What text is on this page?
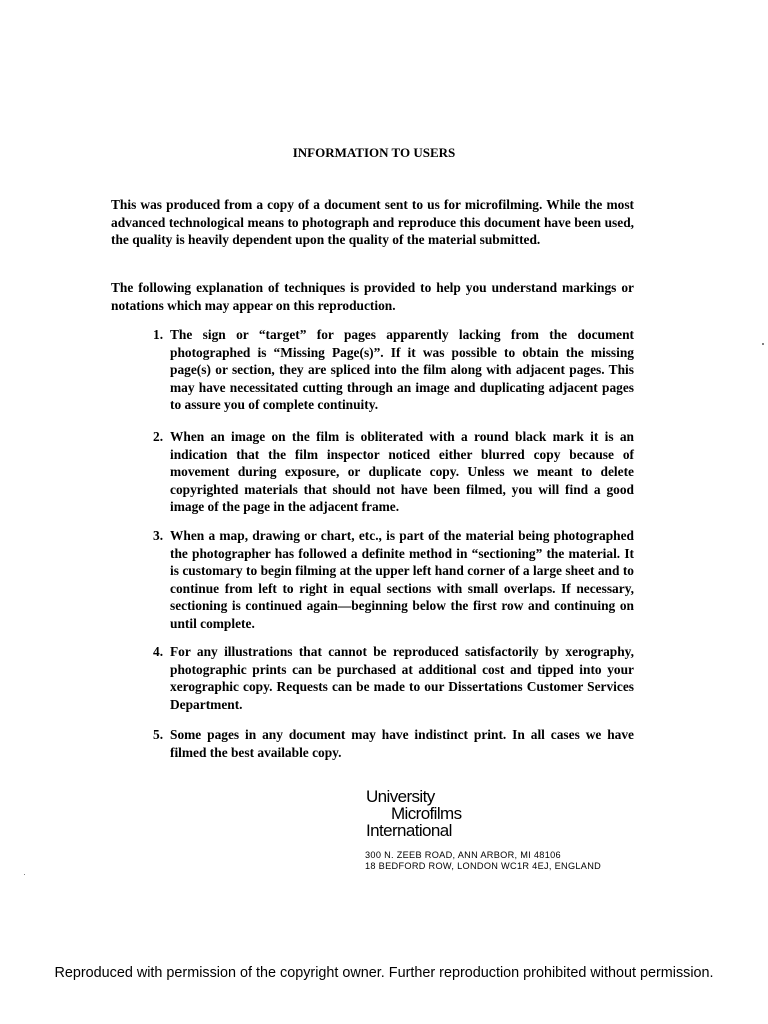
INFORMATION TO USERS
This was produced from a copy of a document sent to us for microfilming. While the most advanced technological means to photograph and reproduce this document have been used, the quality is heavily dependent upon the quality of the material submitted.
The following explanation of techniques is provided to help you understand markings or notations which may appear on this reproduction.
1. The sign or “target” for pages apparently lacking from the document photographed is “Missing Page(s)”. If it was possible to obtain the missing page(s) or section, they are spliced into the film along with adjacent pages. This may have necessitated cutting through an image and duplicating adjacent pages to assure you of complete continuity.
2. When an image on the film is obliterated with a round black mark it is an indication that the film inspector noticed either blurred copy because of movement during exposure, or duplicate copy. Unless we meant to delete copyrighted materials that should not have been filmed, you will find a good image of the page in the adjacent frame.
3. When a map, drawing or chart, etc., is part of the material being photographed the photographer has followed a definite method in “sectioning” the material. It is customary to begin filming at the upper left hand corner of a large sheet and to continue from left to right in equal sections with small overlaps. If necessary, sectioning is continued again—beginning below the first row and continuing on until complete.
4. For any illustrations that cannot be reproduced satisfactorily by xerography, photographic prints can be purchased at additional cost and tipped into your xerographic copy. Requests can be made to our Dissertations Customer Services Department.
5. Some pages in any document may have indistinct print. In all cases we have filmed the best available copy.
University
Microfilms
International
300 N. ZEEB ROAD, ANN ARBOR, MI 48106
18 BEDFORD ROW, LONDON WC1R 4EJ, ENGLAND
Reproduced with permission of the copyright owner. Further reproduction prohibited without permission.
